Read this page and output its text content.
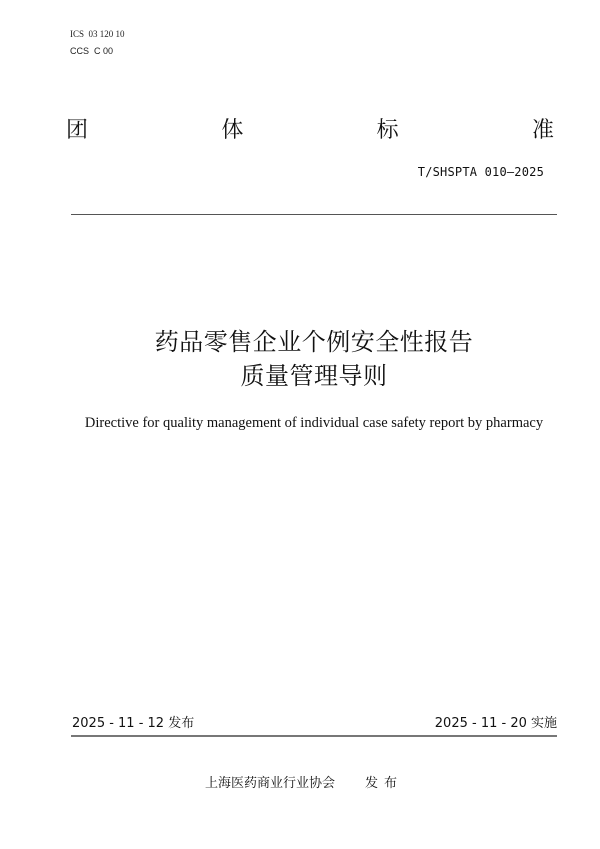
ICS  03 120 10
CCS  C 00
团	体	标	准
T/SHSPTA 010—2025
药品零售企业个例安全性报告
质量管理导则
Directive for quality management of individual case safety report by pharmacy
2025 - 11 - 12 发布	2025 - 11 - 20 实施
上海医药商业行业协会 发布
